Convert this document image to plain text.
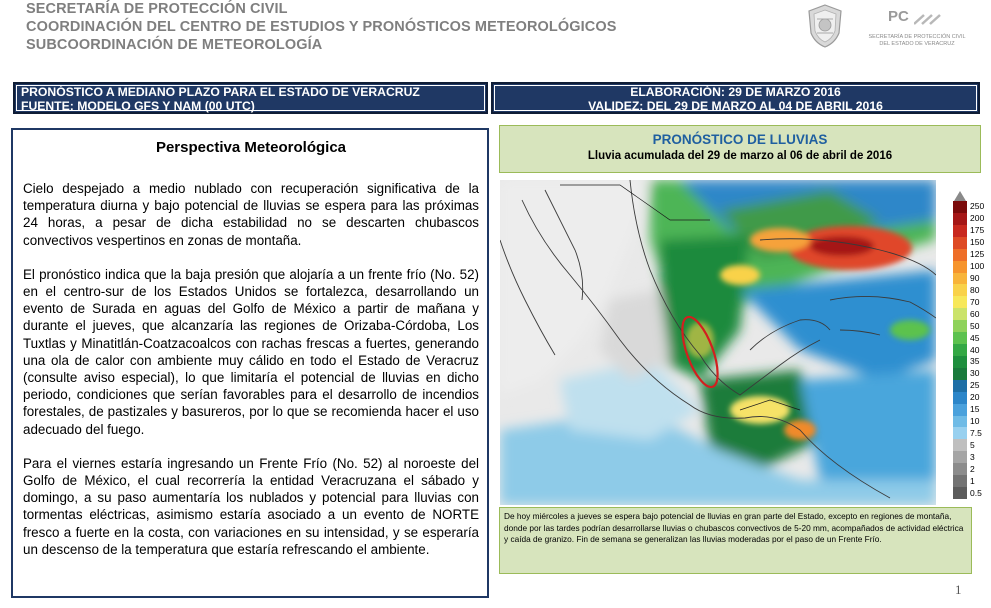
SECRETARÍA DE PROTECCIÓN CIVIL
COORDINACIÓN DEL CENTRO DE ESTUDIOS Y PRONÓSTICOS METEOROLÓGICOS
SUBCOORDINACIÓN DE METEOROLOGÍA
PC
SECRETARÍA DE PROTECCIÓN CIVIL
DEL ESTADO DE VERACRUZ
PRONÓSTICO A MEDIANO PLAZO PARA EL ESTADO DE VERACRUZ
FUENTE: MODELO GFS Y NAM (00 UTC)
ELABORACIÓN: 29 DE MARZO 2016
VALIDEZ: DEL 29 DE MARZO AL 04 DE ABRIL 2016
Perspectiva Meteorológica

Cielo despejado a medio nublado con recuperación significativa de la temperatura diurna y bajo potencial de lluvias se espera para las próximas 24 horas, a pesar de dicha estabilidad no se descarten chubascos convectivos vespertinos en zonas de montaña.

El pronóstico indica que la baja presión que alojaría a un frente frío (No. 52) en el centro-sur de los Estados Unidos se fortalezca, desarrollando un evento de Surada en aguas del Golfo de México a partir de mañana y durante el jueves, que alcanzaría las regiones de Orizaba-Córdoba, Los Tuxtlas y Minatitlán-Coatzacoalcos con rachas frescas a fuertes, generando una ola de calor con ambiente muy cálido en todo el Estado de Veracruz (consulte aviso especial), lo que limitaría el potencial de lluvias en dicho periodo, condiciones que serían favorables para el desarrollo de incendios forestales, de pastizales y basureros, por lo que se recomienda hacer el uso adecuado del fuego.

Para el viernes estaría ingresando un Frente Frío (No. 52) al noroeste del Golfo de México, el cual recorrería la entidad Veracruzana el sábado y domingo, a su paso aumentaría los nublados y potencial para lluvias con tormentas eléctricas, asimismo estaría asociado a un evento de NORTE fresco a fuerte en la costa, con variaciones en su intensidad, y se esperaría un descenso de la temperatura que estaría refrescando el ambiente.

PRONÓSTICO DE LLUVIAS
Lluvia acumulada del 29 de marzo al 06 de abril de 2016
250
200
175
150
125
100
90
80
70
60
50
45
40
35
30
25
20
15
10
7.5
5
3
2
1
0.5
De hoy miércoles a jueves se espera bajo potencial de lluvias en gran parte del Estado, excepto en regiones de montaña, donde por las tardes podrían desarrollarse lluvias o chubascos convectivos de 5-20 mm, acompañados de actividad eléctrica y caída de granizo. Fin de semana se generalizan las lluvias moderadas por el paso de un Frente Frío.
1
